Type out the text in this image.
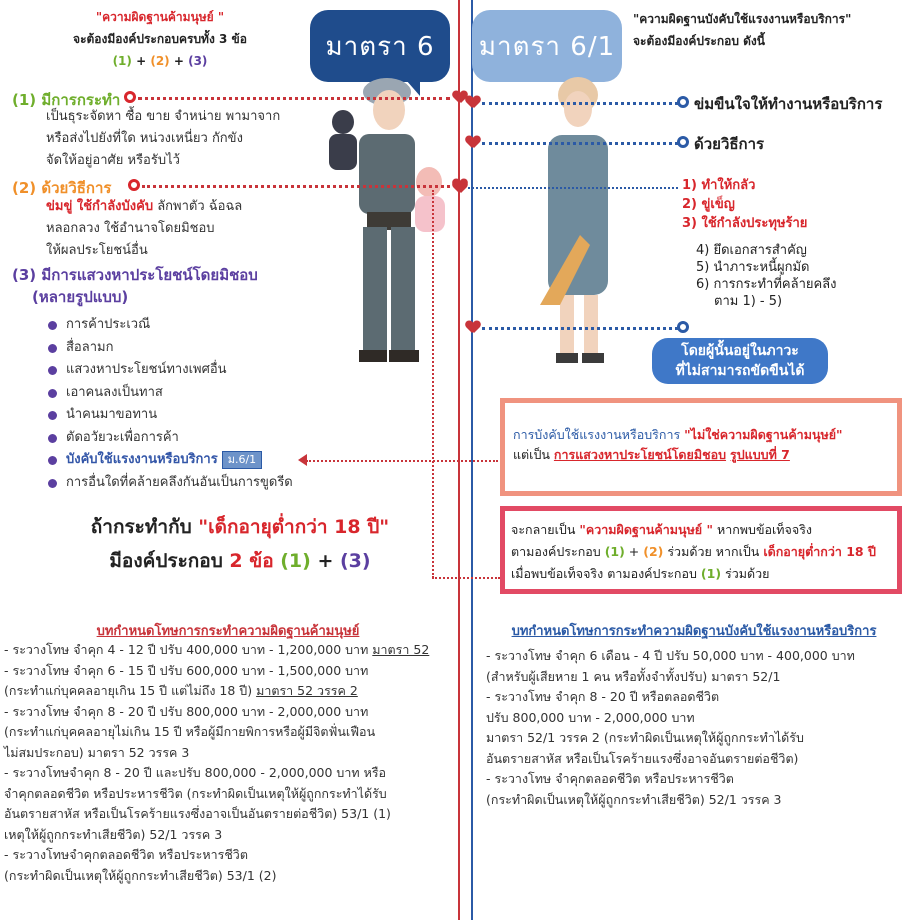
"ความผิดฐานค้ามนุษย์ "
จะต้องมีองค์ประกอบครบทั้ง 3 ข้อ
(1) + (2) + (3)	มาตรา 6	มาตรา 6/1
"ความผิดฐานบังคับใช้แรงงานหรือบริการ"
จะต้องมีองค์ประกอบ ดังนี้
(1) มีการกระทำ
เป็นธุระจัดหา ซื้อ ขาย จำหน่าย พามาจาก
หรือส่งไปยังที่ใด หน่วงเหนี่ยว กักขัง
จัดให้อยู่อาศัย หรือรับไว้
(2) ด้วยวิธีการ
ข่มขู่ ใช้กำลังบังคับ ลักพาตัว ฉ้อฉล
หลอกลวง ใช้อำนาจโดยมิชอบ
ให้ผลประโยชน์อื่น
(3) มีการแสวงหาประโยชน์โดยมิชอบ
(หลายรูปแบบ)
การค้าประเวณี
สื่อลามก
แสวงหาประโยชน์ทางเพศอื่น
เอาคนลงเป็นทาส
นำคนมาขอทาน
ตัดอวัยวะเพื่อการค้า
บังคับใช้แรงงานหรือบริการ ม.6/1
การอื่นใดที่คล้ายคลึงกันอันเป็นการขูดรีด
ถ้ากระทำกับ "เด็กอายุต่ำกว่า 18 ปี"
มีองค์ประกอบ 2 ข้อ (1) + (3)
ข่มขืนใจให้ทำงานหรือบริการ
ด้วยวิธีการ
1) ทำให้กลัว
2) ขู่เข็ญ
3) ใช้กำลังประทุษร้าย
4) ยึดเอกสารสำคัญ
5) นำภาระหนี้ผูกมัด
6) การกระทำที่คล้ายคลึง
ตาม 1) - 5)
โดยผู้นั้นอยู่ในภาวะ
ที่ไม่สามารถขัดขืนได้
การบังคับใช้แรงงานหรือบริการ "ไม่ใช่ความผิดฐานค้ามนุษย์"
แต่เป็น การแสวงหาประโยชน์โดยมิชอบ รูปแบบที่ 7
จะกลายเป็น "ความผิดฐานค้ามนุษย์ " หากพบข้อเท็จจริง
ตามองค์ประกอบ (1) + (2) ร่วมด้วย หากเป็น เด็กอายุต่ำกว่า 18 ปี
เมื่อพบข้อเท็จจริง ตามองค์ประกอบ (1) ร่วมด้วย
บทกำหนดโทษการกระทำความผิดฐานค้ามนุษย์
- ระวางโทษ จำคุก 4 - 12 ปี ปรับ 400,000 บาท - 1,200,000 บาท มาตรา 52
- ระวางโทษ จำคุก 6 - 15 ปี ปรับ 600,000 บาท - 1,500,000 บาท
(กระทำแก่บุคคลอายุเกิน 15 ปี แต่ไม่ถึง 18 ปี) มาตรา 52 วรรค 2
- ระวางโทษ จำคุก 8 - 20 ปี ปรับ 800,000 บาท - 2,000,000 บาท
(กระทำแก่บุคคลอายุไม่เกิน 15 ปี หรือผู้มีกายพิการหรือผู้มีจิตฟั่นเฟือน
ไม่สมประกอบ) มาตรา 52 วรรค 3
- ระวางโทษจำคุก 8 - 20 ปี และปรับ 800,000 - 2,000,000 บาท หรือ
จำคุกตลอดชีวิต หรือประหารชีวิต (กระทำผิดเป็นเหตุให้ผู้ถูกกระทำได้รับ
อันตรายสาหัส หรือเป็นโรคร้ายแรงซึ่งอาจเป็นอันตรายต่อชีวิต) 53/1 (1)
เหตุให้ผู้ถูกกระทำเสียชีวิต) 52/1 วรรค 3
- ระวางโทษจำคุกตลอดชีวิต หรือประหารชีวิต
(กระทำผิดเป็นเหตุให้ผู้ถูกกระทำเสียชีวิต) 53/1 (2)
บทกำหนดโทษการกระทำความผิดฐานบังคับใช้แรงงานหรือบริการ
- ระวางโทษ จำคุก 6 เดือน - 4 ปี ปรับ 50,000 บาท - 400,000 บาท
(สำหรับผู้เสียหาย 1 คน หรือทั้งจำทั้งปรับ) มาตรา 52/1
- ระวางโทษ จำคุก 8 - 20 ปี หรือตลอดชีวิต
ปรับ 800,000 บาท - 2,000,000 บาท
มาตรา 52/1 วรรค 2 (กระทำผิดเป็นเหตุให้ผู้ถูกกระทำได้รับ
อันตรายสาหัส หรือเป็นโรคร้ายแรงซึ่งอาจอันตรายต่อชีวิต)
- ระวางโทษ จำคุกตลอดชีวิต หรือประหารชีวิต
(กระทำผิดเป็นเหตุให้ผู้ถูกกระทำเสียชีวิต) 52/1 วรรค 3
